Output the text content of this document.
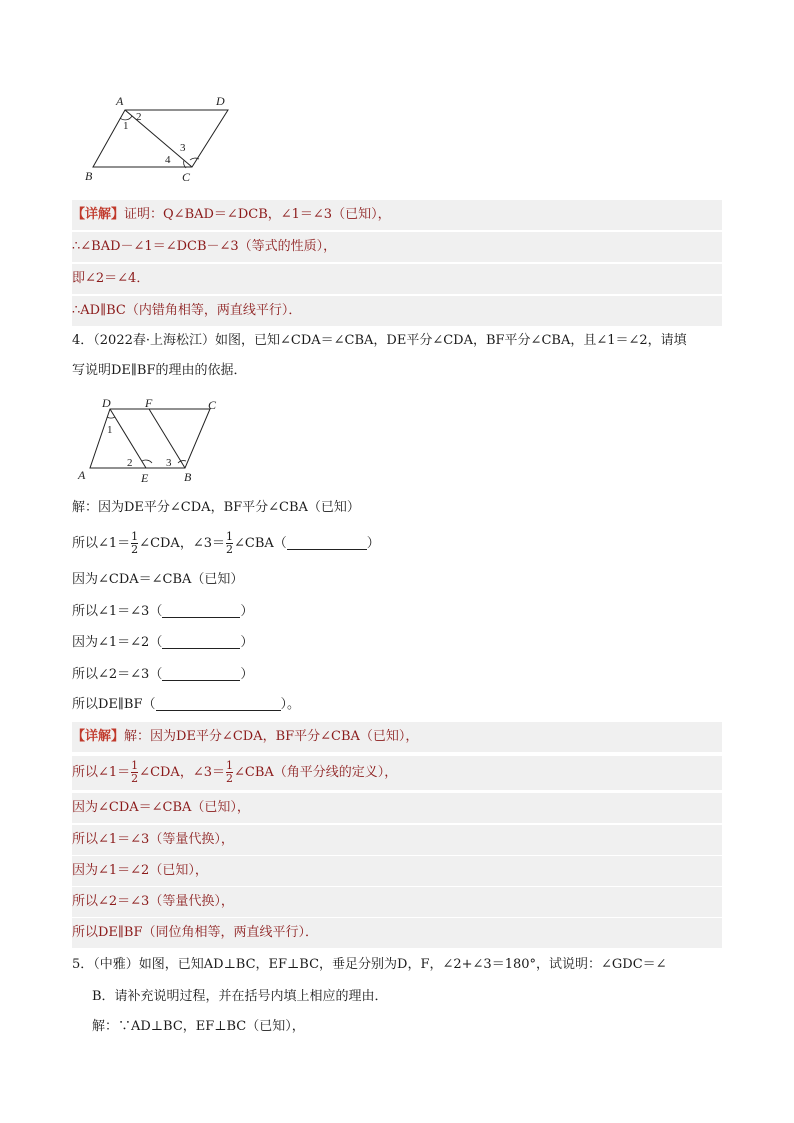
A	D
B	C
1
2
3
4
【详解】证明：Q∠BAD＝∠DCB，∠1＝∠3（已知），
∴∠BAD－∠1＝∠DCB－∠3（等式的性质），
即∠2＝∠4．
∴AD∥BC（内错角相等，两直线平行）．
4．（2022春·上海松江）如图，已知∠CDA＝∠CBA，DE平分∠CDA，BF平分∠CBA，且∠1＝∠2，请填
写说明DE∥BF的理由的依据．
D	F	C
A	E	B
1
2	3
解：因为DE平分∠CDA，BF平分∠CBA（已知）
所以∠1＝ $\frac{1}{2}$ ∠CDA，∠3＝ $\frac{1}{2}$ ∠CBA（	）
因为∠CDA＝∠CBA（已知）
所以∠1＝∠3（	）
因为∠1＝∠2（	）
所以∠2＝∠3（	）
所以DE∥BF（	）。
【详解】解：因为DE平分∠CDA，BF平分∠CBA（已知），
所以∠1＝ $\frac{1}{2}$ ∠CDA，∠3＝ $\frac{1}{2}$ ∠CBA（角平分线的定义），
因为∠CDA＝∠CBA（已知），
所以∠1＝∠3（等量代换），
因为∠1＝∠2（已知），
所以∠2＝∠3（等量代换），
所以DE∥BF（同位角相等，两直线平行）．
5．（中雅）如图，已知AD⊥BC，EF⊥BC，垂足分别为D，F，∠2+∠3＝180°，试说明：∠GDC＝∠
B．请补充说明过程，并在括号内填上相应的理由．
解：∵AD⊥BC，EF⊥BC（已知），
